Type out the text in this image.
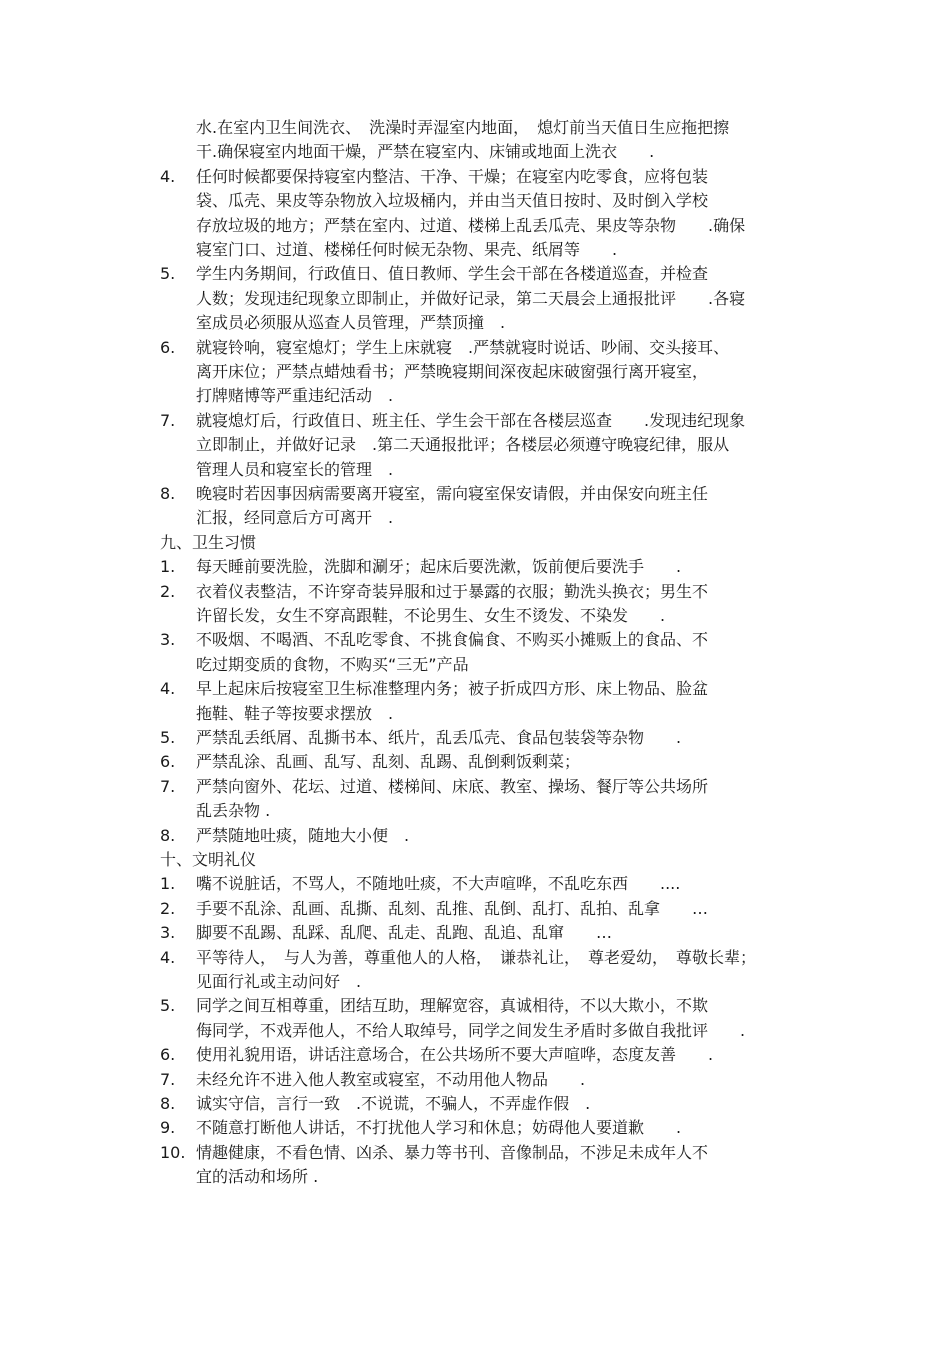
水.在室内卫生间洗衣、　洗澡时弄湿室内地面，　熄灯前当天值日生应拖把擦
干.确保寝室内地面干燥，严禁在寝室内、床铺或地面上洗衣　　.
4.	任何时候都要保持寝室内整洁、干净、干燥；在寝室内吃零食，应将包装
袋、瓜壳、果皮等杂物放入垃圾桶内，并由当天值日按时、及时倒入学校
存放垃圾的地方；严禁在室内、过道、楼梯上乱丢瓜壳、果皮等杂物　　.确保
寝室门口、过道、楼梯任何时候无杂物、果壳、纸屑等　　.
5.	学生内务期间，行政值日、值日教师、学生会干部在各楼道巡查，并检查
人数；发现违纪现象立即制止，并做好记录，第二天晨会上通报批评　　.各寝
室成员必须服从巡查人员管理，严禁顶撞　.
6.	就寝铃响，寝室熄灯；学生上床就寝　.严禁就寝时说话、吵闹、交头接耳、
离开床位；严禁点蜡烛看书；严禁晚寝期间深夜起床破窗强行离开寝室，
打牌赌博等严重违纪活动　.
7.	就寝熄灯后，行政值日、班主任、学生会干部在各楼层巡查　　.发现违纪现象
立即制止，并做好记录　.第二天通报批评；各楼层必须遵守晚寝纪律，服从
管理人员和寝室长的管理　.
8.	晚寝时若因事因病需要离开寝室，需向寝室保安请假，并由保安向班主任
汇报，经同意后方可离开　.
九、卫生习惯
1.	每天睡前要洗脸，洗脚和涮牙；起床后要洗漱，饭前便后要洗手　　.
2.	衣着仪表整洁，不许穿奇装异服和过于暴露的衣服；勤洗头换衣；男生不
许留长发，女生不穿高跟鞋，不论男生、女生不烫发、不染发　　.
3.	不吸烟、不喝酒、不乱吃零食、不挑食偏食、不购买小摊贩上的食品、不
吃过期变质的食物，不购买“三无”产品
4.	早上起床后按寝室卫生标准整理内务；被子折成四方形、床上物品、脸盆
拖鞋、鞋子等按要求摆放　.
5.	严禁乱丢纸屑、乱撕书本、纸片，乱丢瓜壳、食品包装袋等杂物　　.
6.	严禁乱涂、乱画、乱写、乱刻、乱踢、乱倒剩饭剩菜；
7.	严禁向窗外、花坛、过道、楼梯间、床底、教室、操场、餐厅等公共场所
乱丢杂物 .
8.	严禁随地吐痰，随地大小便　.
十、文明礼仪
1.	嘴不说脏话，不骂人，不随地吐痰，不大声喧哗，不乱吃东西　　....
2.	手要不乱涂、乱画、乱撕、乱刻、乱推、乱倒、乱打、乱拍、乱拿　　…
3.	脚要不乱踢、乱踩、乱爬、乱走、乱跑、乱追、乱窜　　…
4.	平等待人，　与人为善，尊重他人的人格，　谦恭礼让，　尊老爱幼，　尊敬长辈；
见面行礼或主动问好　.
5.	同学之间互相尊重，团结互助，理解宽容，真诚相待，不以大欺小，不欺
侮同学，不戏弄他人，不给人取绰号，同学之间发生矛盾时多做自我批评　　.
6.	使用礼貌用语，讲话注意场合，在公共场所不要大声喧哗，态度友善　　.
7.	未经允许不进入他人教室或寝室，不动用他人物品　　.
8.	诚实守信，言行一致　.不说谎，不骗人，不弄虚作假　.
9.	不随意打断他人讲话，不打扰他人学习和休息；妨碍他人要道歉　　.
10. 情趣健康，不看色情、凶杀、暴力等书刊、音像制品，不涉足未成年人不
宜的活动和场所 .
